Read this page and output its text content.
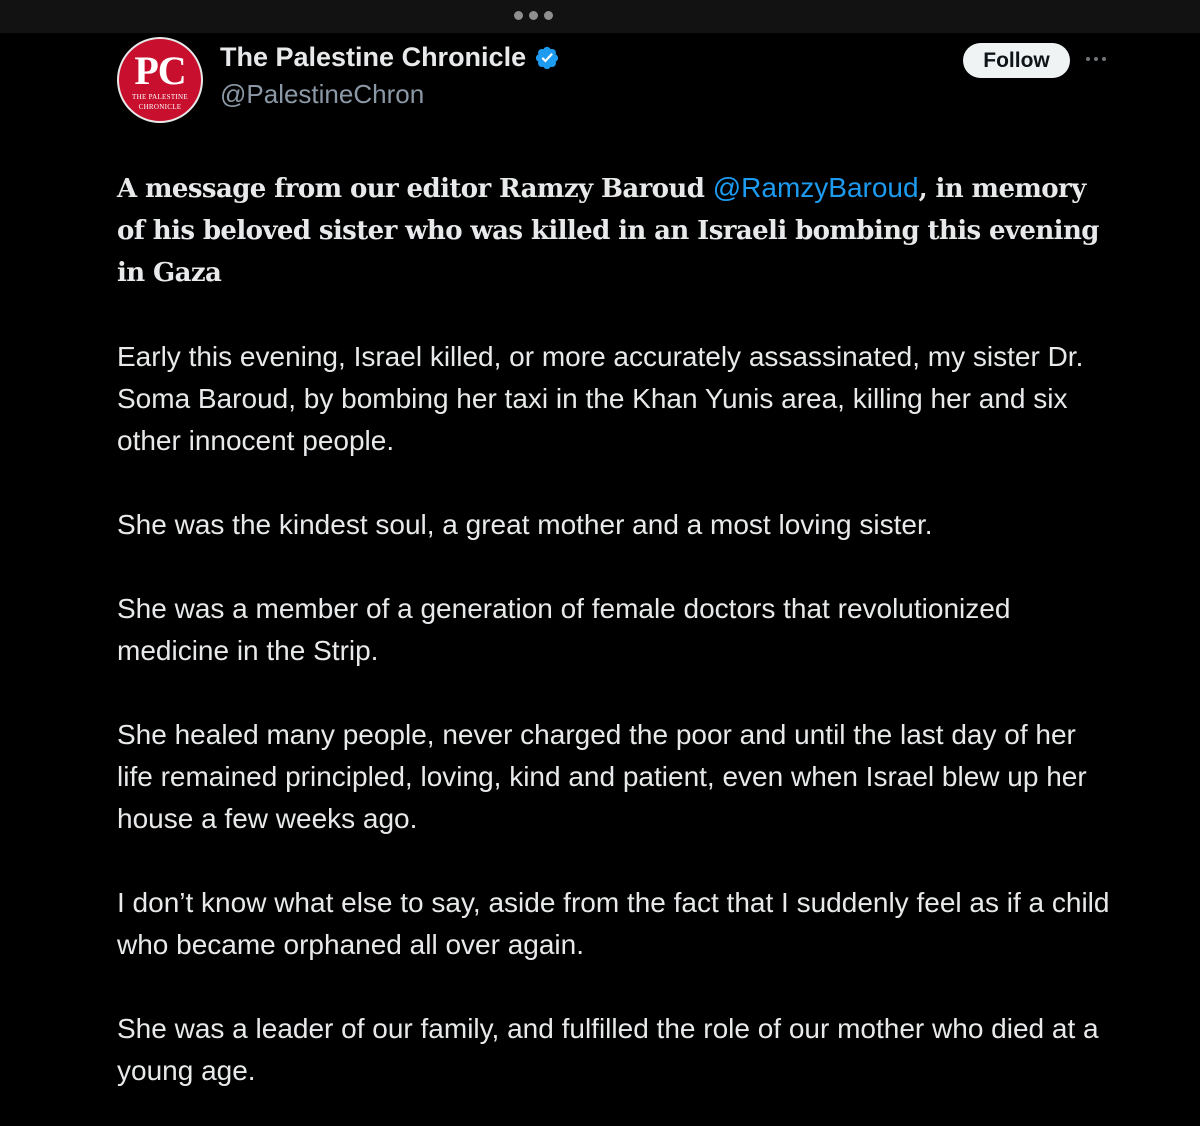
PC
THE PALESTINE
CHRONICLE
The Palestine Chronicle
@PalestineChron
Follow

A message from our editor Ramzy Baroud @RamzyBaroud, in memory of his beloved sister who was killed in an Israeli bombing this evening in Gaza

Early this evening, Israel killed, or more accurately assassinated, my sister Dr. Soma Baroud, by bombing her taxi in the Khan Yunis area, killing her and six other innocent people.

She was the kindest soul, a great mother and a most loving sister.

She was a member of a generation of female doctors that revolutionized medicine in the Strip.

She healed many people, never charged the poor and until the last day of her life remained principled, loving, kind and patient, even when Israel blew up her house a few weeks ago.

I don’t know what else to say, aside from the fact that I suddenly feel as if a child who became orphaned all over again.

She was a leader of our family, and fulfilled the role of our mother who died at a young age.
